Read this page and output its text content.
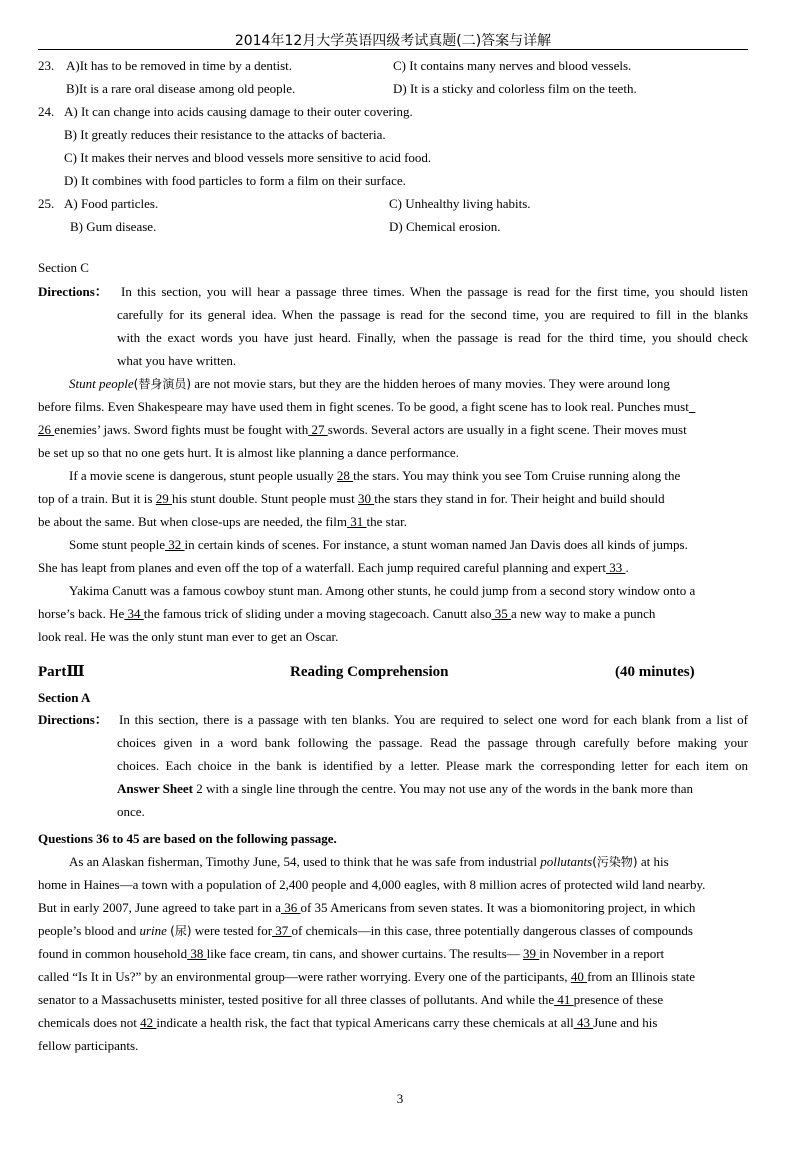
2014年12月大学英语四级考试真题(二)答案与详解
23. A)It has to be removed in time by a dentist.	C) It contains many nerves and blood vessels.
B)It is a rare oral disease among old people.	D) It is a sticky and colorless film on the teeth.
24. A) It can change into acids causing damage to their outer covering.
B) It greatly reduces their resistance to the attacks of bacteria.
C) It makes their nerves and blood vessels more sensitive to acid food.
D) It combines with food particles to form a film on their surface.
25. A) Food particles.	C) Unhealthy living habits.
B) Gum disease.	D) Chemical erosion.
Section C
Directions： In this section, you will hear a passage three times. When the passage is read for the first time, you should listen
carefully for its general idea. When the passage is read for the second time, you are required to fill in the blanks
with the exact words you have just heard. Finally, when the passage is read for the third time, you should check
what you have written.
Stunt people(替身演员) are not movie stars, but they are the hidden heroes of many movies. They were around long
before films. Even Shakespeare may have used them in fight scenes. To be good, a fight scene has to look real. Punches must
26 enemies’ jaws. Sword fights must be fought with 27 swords. Several actors are usually in a fight scene. Their moves must
be set up so that no one gets hurt. It is almost like planning a dance performance.
If a movie scene is dangerous, stunt people usually 28 the stars. You may think you see Tom Cruise running along the
top of a train. But it is 29 his stunt double. Stunt people must 30 the stars they stand in for. Their height and build should
be about the same. But when close-ups are needed, the film 31 the star.
Some stunt people 32 in certain kinds of scenes. For instance, a stunt woman named Jan Davis does all kinds of jumps.
She has leapt from planes and even off the top of a waterfall. Each jump required careful planning and expert 33 .
Yakima Canutt was a famous cowboy stunt man. Among other stunts, he could jump from a second story window onto a
horse’s back. He 34 the famous trick of sliding under a moving stagecoach. Canutt also 35 a new way to make a punch
look real. He was the only stunt man ever to get an Oscar.
PartⅢ	Reading Comprehension	(40 minutes)
Section A
Directions： In this section, there is a passage with ten blanks. You are required to select one word for each blank from a list of
choices given in a word bank following the passage. Read the passage through carefully before making your
choices. Each choice in the bank is identified by a letter. Please mark the corresponding letter for each item on
Answer Sheet 2 with a single line through the centre. You may not use any of the words in the bank more than
once.
Questions 36 to 45 are based on the following passage.
As an Alaskan fisherman, Timothy June, 54, used to think that he was safe from industrial pollutants(污染物) at his
home in Haines—a town with a population of 2,400 people and 4,000 eagles, with 8 million acres of protected wild land nearby.
But in early 2007, June agreed to take part in a 36 of 35 Americans from seven states. It was a biomonitoring project, in which
people’s blood and urine (尿) were tested for 37 of chemicals—in this case, three potentially dangerous classes of compounds
found in common household 38 like face cream, tin cans, and shower curtains. The results— 39 in November in a report
called “Is It in Us?” by an environmental group—were rather worrying. Every one of the participants, 40 from an Illinois state
senator to a Massachusetts minister, tested positive for all three classes of pollutants. And while the 41 presence of these
chemicals does not 42 indicate a health risk, the fact that typical Americans carry these chemicals at all 43 June and his
fellow participants.
3
